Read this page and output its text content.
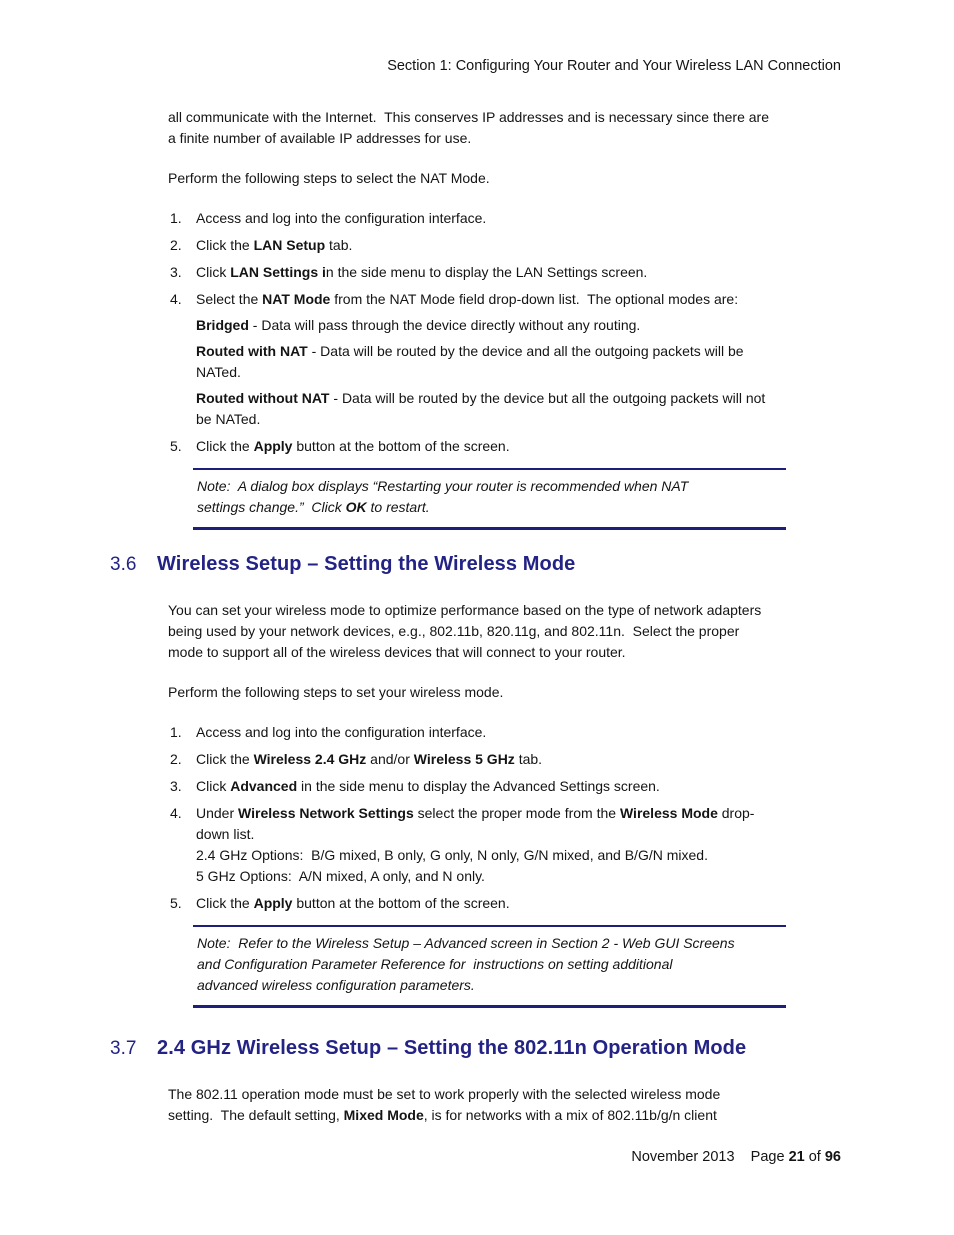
Section 1: Configuring Your Router and Your Wireless LAN Connection
all communicate with the Internet.  This conserves IP addresses and is necessary since there are
a finite number of available IP addresses for use.
Perform the following steps to select the NAT Mode.
1.	Access and log into the configuration interface.
2.	Click the LAN Setup tab.
3.	Click LAN Settings in the side menu to display the LAN Settings screen.
4.	Select the NAT Mode from the NAT Mode field drop-down list.  The optional modes are:
Bridged - Data will pass through the device directly without any routing.
Routed with NAT - Data will be routed by the device and all the outgoing packets will be
NATed.
Routed without NAT - Data will be routed by the device but all the outgoing packets will not
be NATed.
5.	Click the Apply button at the bottom of the screen.
Note:  A dialog box displays “Restarting your router is recommended when NAT
settings change.”  Click OK to restart.
3.6	Wireless Setup – Setting the Wireless Mode
You can set your wireless mode to optimize performance based on the type of network adapters
being used by your network devices, e.g., 802.11b, 820.11g, and 802.11n.  Select the proper
mode to support all of the wireless devices that will connect to your router.
Perform the following steps to set your wireless mode.
1.	Access and log into the configuration interface.
2.	Click the Wireless 2.4 GHz and/or Wireless 5 GHz tab.
3.	Click Advanced in the side menu to display the Advanced Settings screen.
4.	Under Wireless Network Settings select the proper mode from the Wireless Mode drop-
down list.
2.4 GHz Options:  B/G mixed, B only, G only, N only, G/N mixed, and B/G/N mixed.
5 GHz Options:  A/N mixed, A only, and N only.
5.	Click the Apply button at the bottom of the screen.
Note:  Refer to the Wireless Setup – Advanced screen in Section 2 - Web GUI Screens
and Configuration Parameter Reference for  instructions on setting additional
advanced wireless configuration parameters.
3.7	2.4 GHz Wireless Setup – Setting the 802.11n Operation Mode
The 802.11 operation mode must be set to work properly with the selected wireless mode
setting.  The default setting, Mixed Mode, is for networks with a mix of 802.11b/g/n client
November 2013    Page 21 of 96
